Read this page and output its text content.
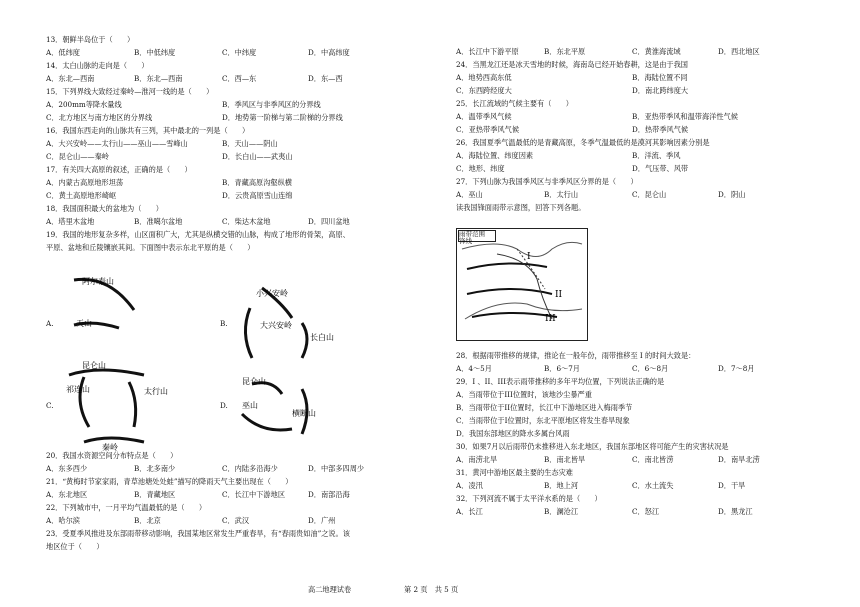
13．朝鲜半岛位于（　　）
A．低纬度	B．中低纬度	C．中纬度	D．中高纬度
14．太白山脉的走向是（　　）
A．东北—西南	B．东北—西南	C．西—东	D．东—西
15．下列界线大致经过秦岭—淮河一线的是（　　）
A．200mm等降水量线	B．季风区与非季风区的分界线
C．北方地区与南方地区的分界线	D．地势第一阶梯与第二阶梯的分界线
16．我国东西走向的山脉共有三列，其中最北的一列是（　　）
A．大兴安岭——太行山——巫山——雪峰山	B．天山——阴山
C．昆仑山——秦岭	D．长白山——武夷山
17．有关四大高原的叙述，正确的是（　　）
A．内蒙古高原地形坦荡	B．青藏高原沟壑纵横
C．黄土高原地形崎岖	D．云贵高原雪山连绵
18．我国面积最大的盆地为（　　）
A．塔里木盆地	B．准噶尔盆地	C．柴达木盆地	D．四川盆地
19．我国的地形复杂多样，山区面积广大，尤其是纵横交错的山脉，构成了地形的骨架，高原、
平原、盆地和丘陵镶嵌其间。下面图中表示东北平原的是（　　）
A.
阿尔泰山
天山
昆仑山
B.
小兴安岭
大兴安岭
长白山
C.
祁连山	太行山
秦岭
D.
昆仑山
巫山
横断山
20．我国水资源空间分布特点是（　　）
A．东多西少	B．北多南少	C．内陆多沿海少	D．中部多四周少
21．“黄梅时节家家雨，青草池塘处处蛙”描写的降雨天气主要出现在（　　）
A．东北地区	B．青藏地区	C．长江中下游地区	D．南部沿海
22．下列城市中，一月平均气温最低的是（　　）
A．哈尔滨	B．北京	C．武汉	D．广州
23．受夏季风推进及东部雨带移动影响，我国某地区常发生严重春旱，有“春雨贵如油”之说。该
地区位于（　　）
A．长江中下游平原	B．东北平原	C．黄淮海流域	D．西北地区
24．当黑龙江还是冰天雪地的时候，海南岛已经开始春耕，这是由于我国
A．地势西高东低	B．海陆位置不同
C．东西跨经度大	D．南北跨纬度大
25．长江流域的气候主要有（　　）
A．温带季风气候	B．亚热带季风和温带海洋性气候
C．亚热带季风气候	D．热带季风气候
26．我国夏季气温最低的是青藏高原，冬季气温最低的是漠河其影响因素分别是
A．海陆位置、纬度因素	B．洋流、季风
C．地形、纬度	D．气压带、风带
27．下列山脉为我国季风区与非季风区分界的是（　　）
A．巫山	B．太行山	C．昆仑山	D．阴山
读我国锋面雨带示意图，回答下列各题。
I
II
III
雨带范围
锋线
28．根据雨带推移的规律，推论在一般年份，雨带推移至 I 的时间大致是：
A．4～5月	B．6～7月	C．6～8月	D．7～8月
29．I 、II、III表示雨带推移的多年平均位置，下列说法正确的是
A．当雨带位于III位置时，该地沙尘暴严重
B．当雨带位于II位置时，长江中下游地区进入梅雨季节
C．当雨带位于I位置时，东北平原地区将发生春旱现象
D．我国东部地区的降水多属台风雨
30．如果7月以后雨带仍未推移进入东北地区，我国东部地区将可能产生的灾害状况是
A．南涝北旱	B．南北皆旱	C．南北皆涝	D．南旱北涝
31．黄河中游地区最主要的生态灾难
A．凌汛	B．地上河	C．水土流失	D．干旱
32．下列河流不属于太平洋水系的是（　　）
A．长江	B．澜沧江	C．怒江	D．黑龙江
高二地理试卷	第 2 页　共 5 页
